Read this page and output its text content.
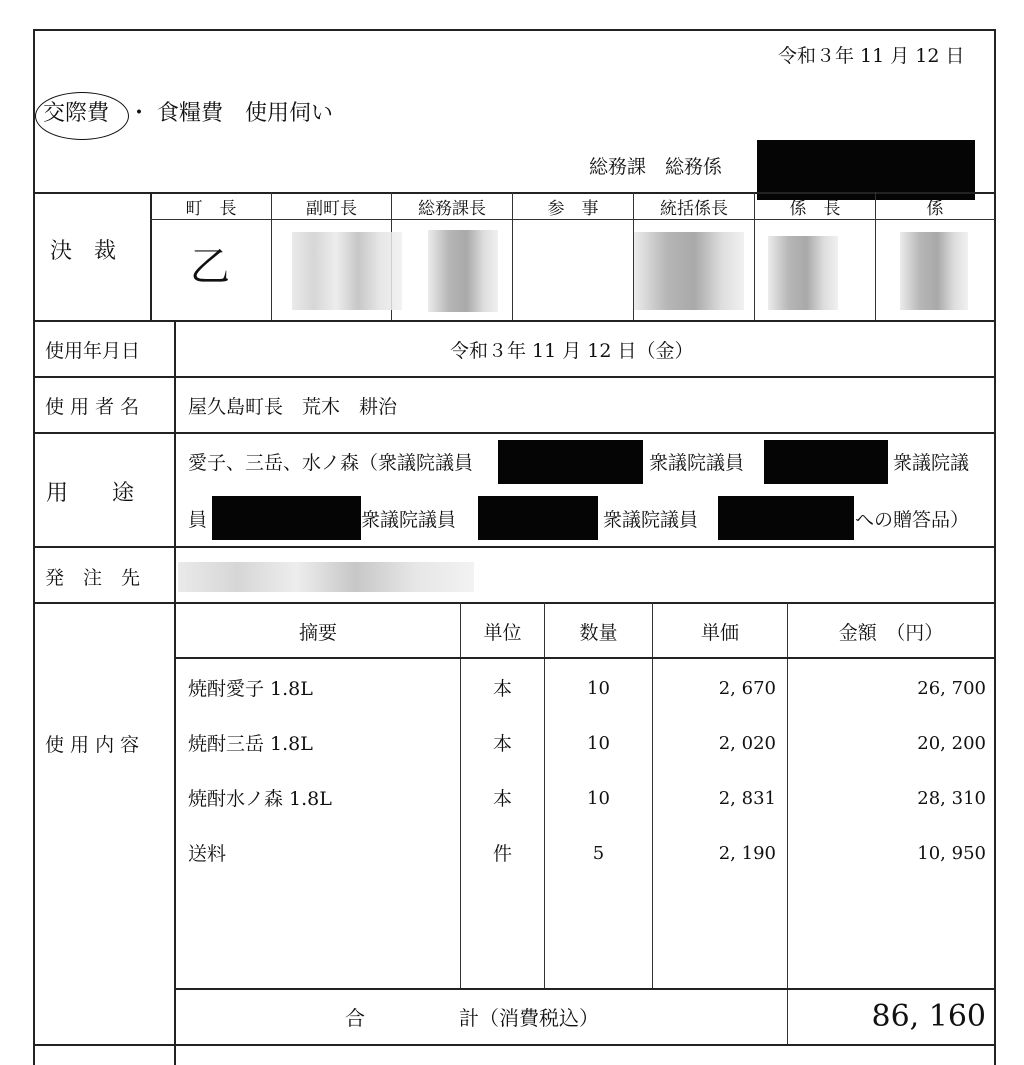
令和３年 11 月 12 日
交際費 ・ 食糧費　使用伺い
総務課　総務係
決　裁
町　長	副町長	総務課長	参　事	統括係長	係　長	係
乙
使用年月日	令和３年 11 月 12 日（金）
使 用 者 名	屋久島町長　荒木　耕治
用　　途
愛子、三岳、水ノ森（衆議院議員	衆議院議員	衆議院議
員	衆議院議員	衆議院議員	への贈答品）
発　注　先
使 用 内 容
摘要	単位	数量	単価	金額　（円）
焼酎愛子 1.8L	本	10	2, 670	26, 700
焼酎三岳 1.8L	本	10	2, 020	20, 200
焼酎水ノ森 1.8L	本	10	2, 831	28, 310
送料	件	5	2, 190	10, 950
合	計（消費税込）	86, 160
